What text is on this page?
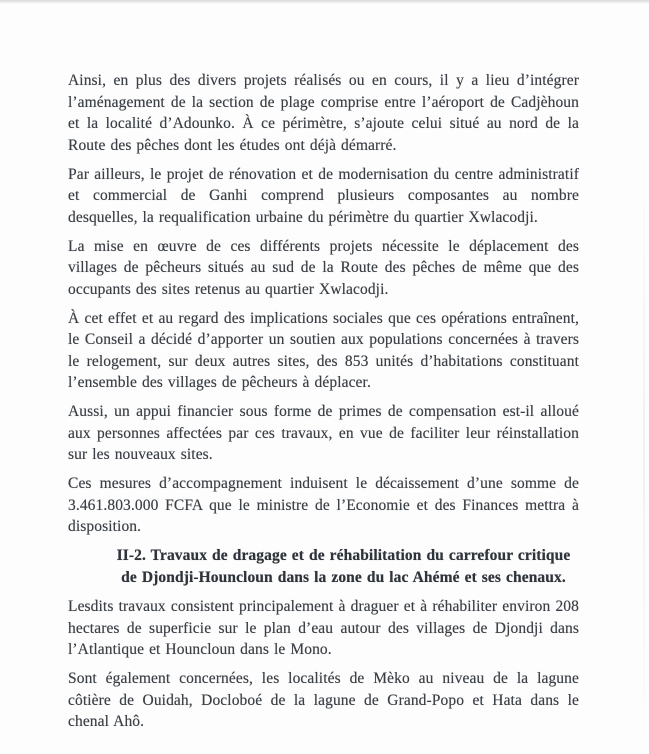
Ainsi, en plus des divers projets réalisés ou en cours, il y a lieu d’intégrer l’aménagement de la section de plage comprise entre l’aéroport de Cadjèhoun et la localité d’Adounko. À ce périmètre, s’ajoute celui situé au nord de la Route des pêches dont les études ont déjà démarré.

Par ailleurs, le projet de rénovation et de modernisation du centre administratif et commercial de Ganhi comprend plusieurs composantes au nombre desquelles, la requalification urbaine du périmètre du quartier Xwlacodji.

La mise en œuvre de ces différents projets nécessite le déplacement des villages de pêcheurs situés au sud de la Route des pêches de même que des occupants des sites retenus au quartier Xwlacodji.

À cet effet et au regard des implications sociales que ces opérations entraînent, le Conseil a décidé d’apporter un soutien aux populations concernées à travers le relogement, sur deux autres sites, des 853 unités d’habitations constituant l’ensemble des villages de pêcheurs à déplacer.

Aussi, un appui financier sous forme de primes de compensation est-il alloué aux personnes affectées par ces travaux, en vue de faciliter leur réinstallation sur les nouveaux sites.

Ces mesures d’accompagnement induisent le décaissement d’une somme de 3.461.803.000 FCFA que le ministre de l’Economie et des Finances mettra à disposition.

II-2. Travaux de dragage et de réhabilitation du carrefour critique
de Djondji-Houncloun dans la zone du lac Ahémé et ses chenaux.

Lesdits travaux consistent principalement à draguer et à réhabiliter environ 208 hectares de superficie sur le plan d’eau autour des villages de Djondji dans l’Atlantique et Houncloun dans le Mono.

Sont également concernées, les localités de Mèko au niveau de la lagune côtière de Ouidah, Docloboé de la lagune de Grand-Popo et Hata dans le chenal Ahô.
